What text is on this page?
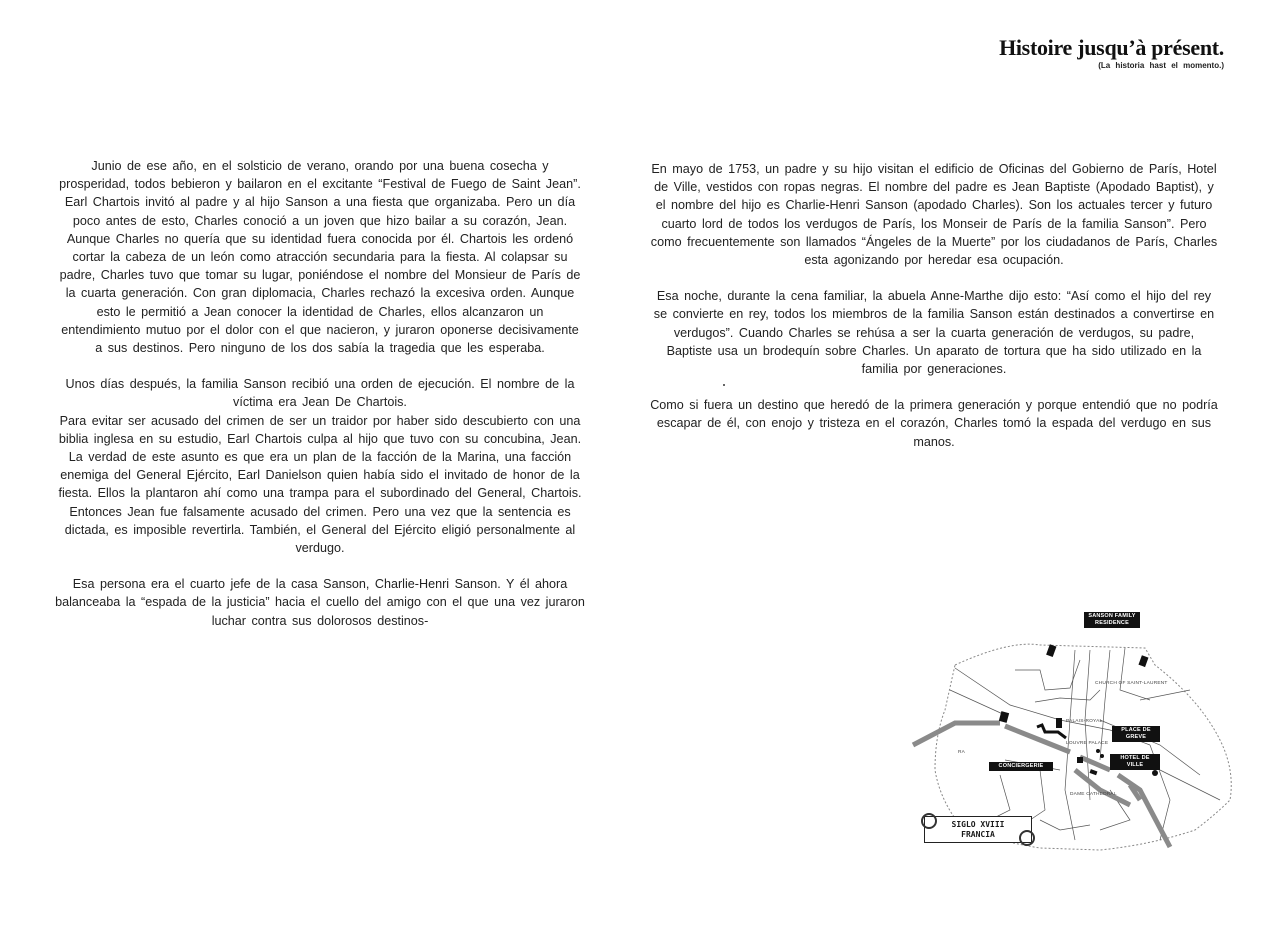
Histoire jusqu’à présent.
(La historia hast el momento.)

Junio de ese año, en el solsticio de verano, orando por una buena cosecha y prosperidad, todos bebieron y bailaron en el excitante “Festival de Fuego de Saint Jean”. Earl Chartois invitó al padre y al hijo Sanson a una fiesta que organizaba. Pero un día poco antes de esto, Charles conoció a un joven que hizo bailar a su corazón, Jean. Aunque Charles no quería que su identidad fuera conocida por él. Chartois les ordenó cortar la cabeza de un león como atracción secundaria para la fiesta. Al colapsar su padre, Charles tuvo que tomar su lugar, poniéndose el nombre del Monsieur de París de la cuarta generación. Con gran diplomacia, Charles rechazó la excesiva orden. Aunque esto le permitió a Jean conocer la identidad de Charles, ellos alcanzaron un entendimiento mutuo por el dolor con el que nacieron, y juraron oponerse decisivamente a sus destinos. Pero ninguno de los dos sabía la tragedia que les esperaba.

Unos días después, la familia Sanson recibió una orden de ejecución. El nombre de la víctima era Jean De Chartois.

Para evitar ser acusado del crimen de ser un traidor por haber sido descubierto con una biblia inglesa en su estudio, Earl Chartois culpa al hijo que tuvo con su concubina, Jean. La verdad de este asunto es que era un plan de la facción de la Marina, una facción enemiga del General Ejército, Earl Danielson quien había sido el invitado de honor de la fiesta. Ellos la plantaron ahí como una trampa para el subordinado del General, Chartois. Entonces Jean fue falsamente acusado del crimen. Pero una vez que la sentencia es dictada, es imposible revertirla. También, el General del Ejército eligió personalmente al verdugo.

Esa persona era el cuarto jefe de la casa Sanson, Charlie-Henri Sanson. Y él ahora balanceaba la “espada de la justicia” hacia el cuello del amigo con el que una vez juraron luchar contra sus dolorosos destinos-

En mayo de 1753, un padre y su hijo visitan el edificio de Oficinas del Gobierno de París, Hotel de Ville, vestidos con ropas negras. El nombre del padre es Jean Baptiste (Apodado Baptist), y el nombre del hijo es Charlie-Henri Sanson (apodado Charles). Son los actuales tercer y futuro cuarto lord de todos los verdugos de París, los Monseir de París de la familia Sanson”. Pero como frecuentemente son llamados “Ángeles de la Muerte” por los ciudadanos de París, Charles esta agonizando por heredar esa ocupación.

Esa noche, durante la cena familiar, la abuela Anne-Marthe dijo esto: “Así como el hijo del rey se convierte en rey, todos los miembros de la familia Sanson están destinados a convertirse en verdugos”. Cuando Charles se rehúsa a ser la cuarta generación de verdugos, su padre, Baptiste usa un brodequín sobre Charles. Un aparato de tortura que ha sido utilizado en la familia por generaciones.

Como si fuera un destino que heredó de la primera generación y porque entendió que no podría escapar de él, con enojo y tristeza en el corazón, Charles tomó la espada del verdugo en sus manos.

SANSON FAMILY RESIDENCE
CHURCH OF SAINT-LAURENT
PALAIS-ROYAL
PLACE DE GREVE
LOUVRE PALACE
HOTEL DE VILLE
CONCIERGERIE
DAME CATHEDRAL
RA
SIGLO XVIII
FRANCIA
